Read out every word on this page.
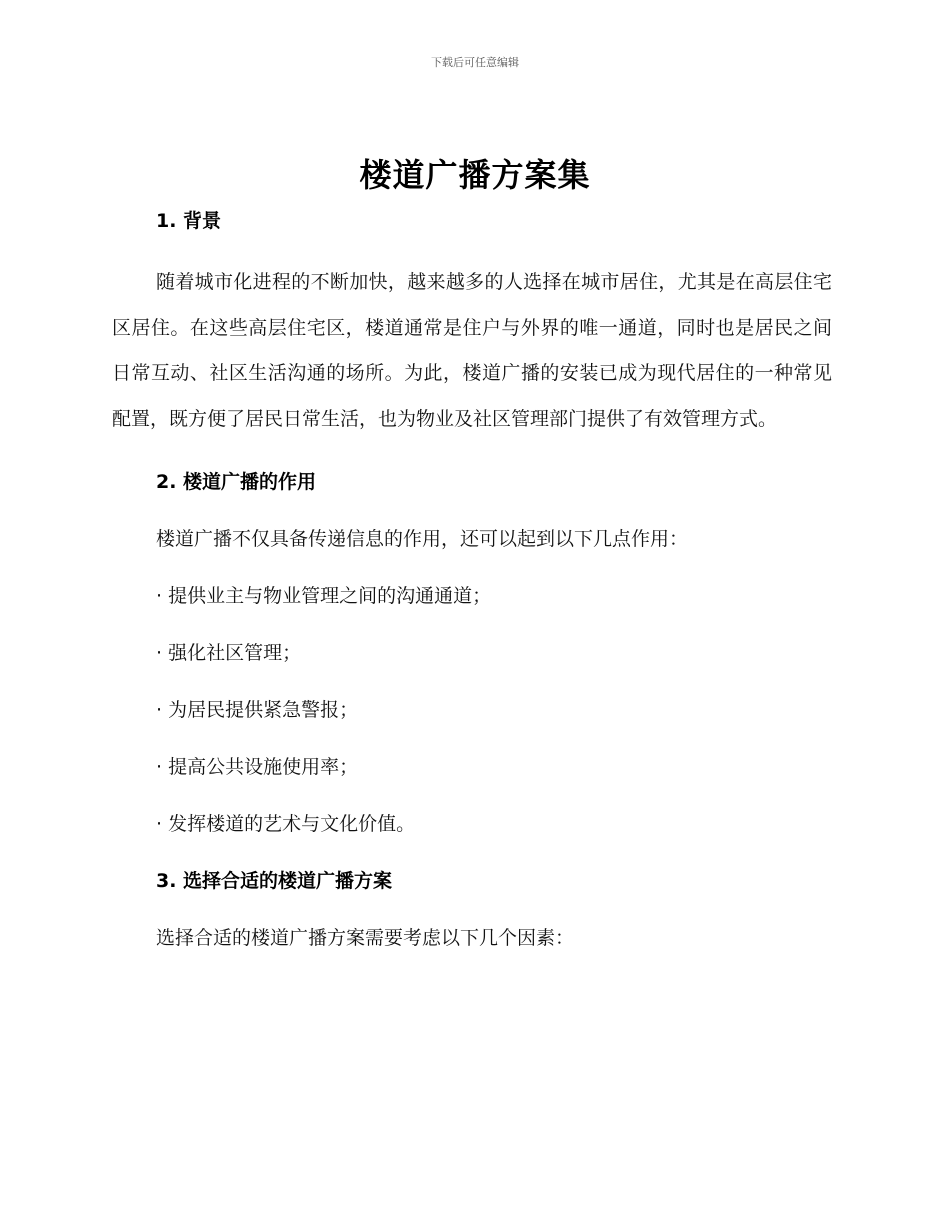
下载后可任意编辑
楼道广播方案集
1. 背景

随着城市化进程的不断加快，越来越多的人选择在城市居住，尤其是在高层住宅区居住。在这些高层住宅区，楼道通常是住户与外界的唯一通道，同时也是居民之间日常互动、社区生活沟通的场所。为此，楼道广播的安装已成为现代居住的一种常见配置，既方便了居民日常生活，也为物业及社区管理部门提供了有效管理方式。

2. 楼道广播的作用
楼道广播不仅具备传递信息的作用，还可以起到以下几点作用：
· 提供业主与物业管理之间的沟通通道；
· 强化社区管理；
· 为居民提供紧急警报；
· 提高公共设施使用率；
· 发挥楼道的艺术与文化价值。
3. 选择合适的楼道广播方案
选择合适的楼道广播方案需要考虑以下几个因素：
